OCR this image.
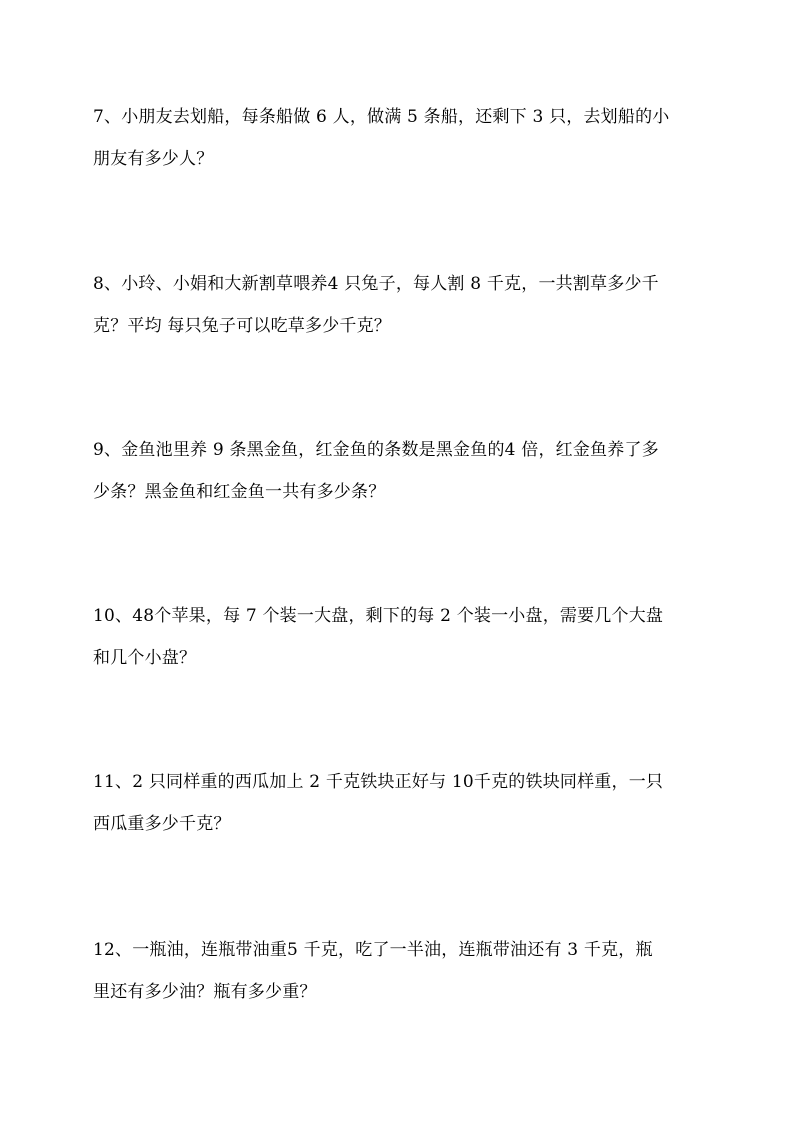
7、小朋友去划船，每条船做 6 人，做满 5 条船，还剩下 3 只，去划船的小
朋友有多少人？
8、小玲、小娟和大新割草喂养4 只兔子，每人割 8 千克，一共割草多少千
克？平均 每只兔子可以吃草多少千克？
9、金鱼池里养 9 条黑金鱼，红金鱼的条数是黑金鱼的4 倍，红金鱼养了多
少条？黑金鱼和红金鱼一共有多少条？
10、48个苹果，每 7 个装一大盘，剩下的每 2 个装一小盘，需要几个大盘
和几个小盘？
11、2 只同样重的西瓜加上 2 千克铁块正好与 10千克的铁块同样重，一只
西瓜重多少千克？
12、一瓶油，连瓶带油重5 千克，吃了一半油，连瓶带油还有 3 千克，瓶
里还有多少油？瓶有多少重？
